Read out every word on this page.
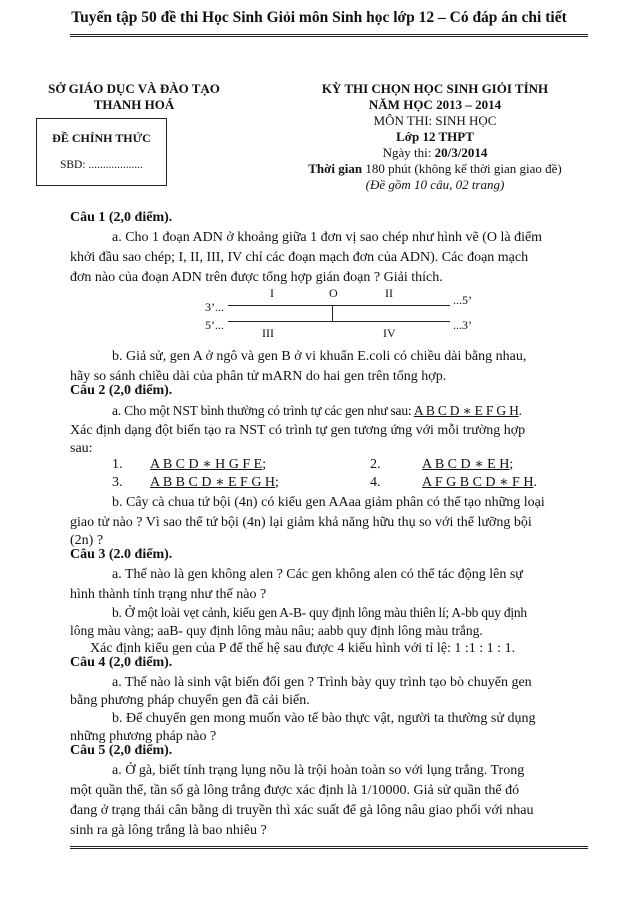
Tuyển tập 50 đề thi Học Sinh Giỏi môn Sinh học lớp 12 – Có đáp án chi tiết
SỞ GIÁO DỤC VÀ ĐÀO TẠO
THANH HOÁ
ĐỀ CHÍNH THỨC
SBD: ...................
KỲ THI CHỌN HỌC SINH GIỎI TỈNH
NĂM HỌC 2013 – 2014
MÔN THI: SINH HỌC
Lớp 12 THPT
Ngày thi: 20/3/2014
Thời gian 180 phút (không kể thời gian giao đề)
(Đề gồm 10 câu, 02 trang)
Câu 1 (2,0 điểm).
a. Cho 1 đoạn ADN ở khoảng giữa 1 đơn vị sao chép như hình vẽ (O là điểm
khởi đầu sao chép; I, II, III, IV chỉ các đoạn mạch đơn của ADN). Các đoạn mạch
đơn nào của đoạn ADN trên được tổng hợp gián đoạn ? Giải thích.
I	O	II
3’...	...5’
5’...	...3’
III	IV
b. Giả sử, gen A ở ngô và gen B ở vi khuẩn E.coli có chiều dài bằng nhau,
hãy so sánh chiều dài của phân tử mARN do hai gen trên tổng hợp.
Câu 2 (2,0 điểm).
a. Cho một NST bình thường có trình tự các gen như sau: A B C D ∗ E F G H.
Xác định dạng đột biến tạo ra NST có trình tự gen tương ứng với mỗi trường hợp
sau:
1. A B C D ∗ H G F E;	2.	A B C D ∗ E H;
3. A B B C D ∗ E F G H;	4.	A F G B C D ∗ F H.
b. Cây cà chua tứ bội (4n) có kiểu gen AAaa giảm phân có thể tạo những loại
giao tử nào ? Vì sao thể tứ bội (4n) lại giảm khả năng hữu thụ so với thể lưỡng bội
(2n) ?
Câu 3 (2.0 điểm).
a. Thế nào là gen không alen ? Các gen không alen có thể tác động lên sự
hình thành tính trạng như thế nào ?
b. Ở một loài vẹt cảnh, kiểu gen A-B- quy định lông màu thiên lí; A-bb quy định
lông màu vàng; aaB- quy định lông màu nâu; aabb quy định lông màu trắng.
Xác định kiểu gen của P để thế hệ sau được 4 kiểu hình với tỉ lệ: 1 :1 : 1 : 1.
Câu 4 (2,0 điểm).
a. Thế nào là sinh vật biến đổi gen ? Trình bày quy trình tạo bò chuyển gen
bằng phương pháp chuyển gen đã cải biến.
b. Để chuyển gen mong muốn vào tế bào thực vật, người ta thường sử dụng
những phương pháp nào ?
Câu 5 (2,0 điểm).
a. Ở gà, biết tính trạng lụng nõu là trội hoàn toàn so với lụng trắng. Trong
một quần thể, tần số gà lông trắng được xác định là 1/10000. Giả sử quần thể đó
đang ở trạng thái cân bằng di truyền thì xác suất để gà lông nâu giao phối với nhau
sinh ra gà lông trắng là bao nhiêu ?
